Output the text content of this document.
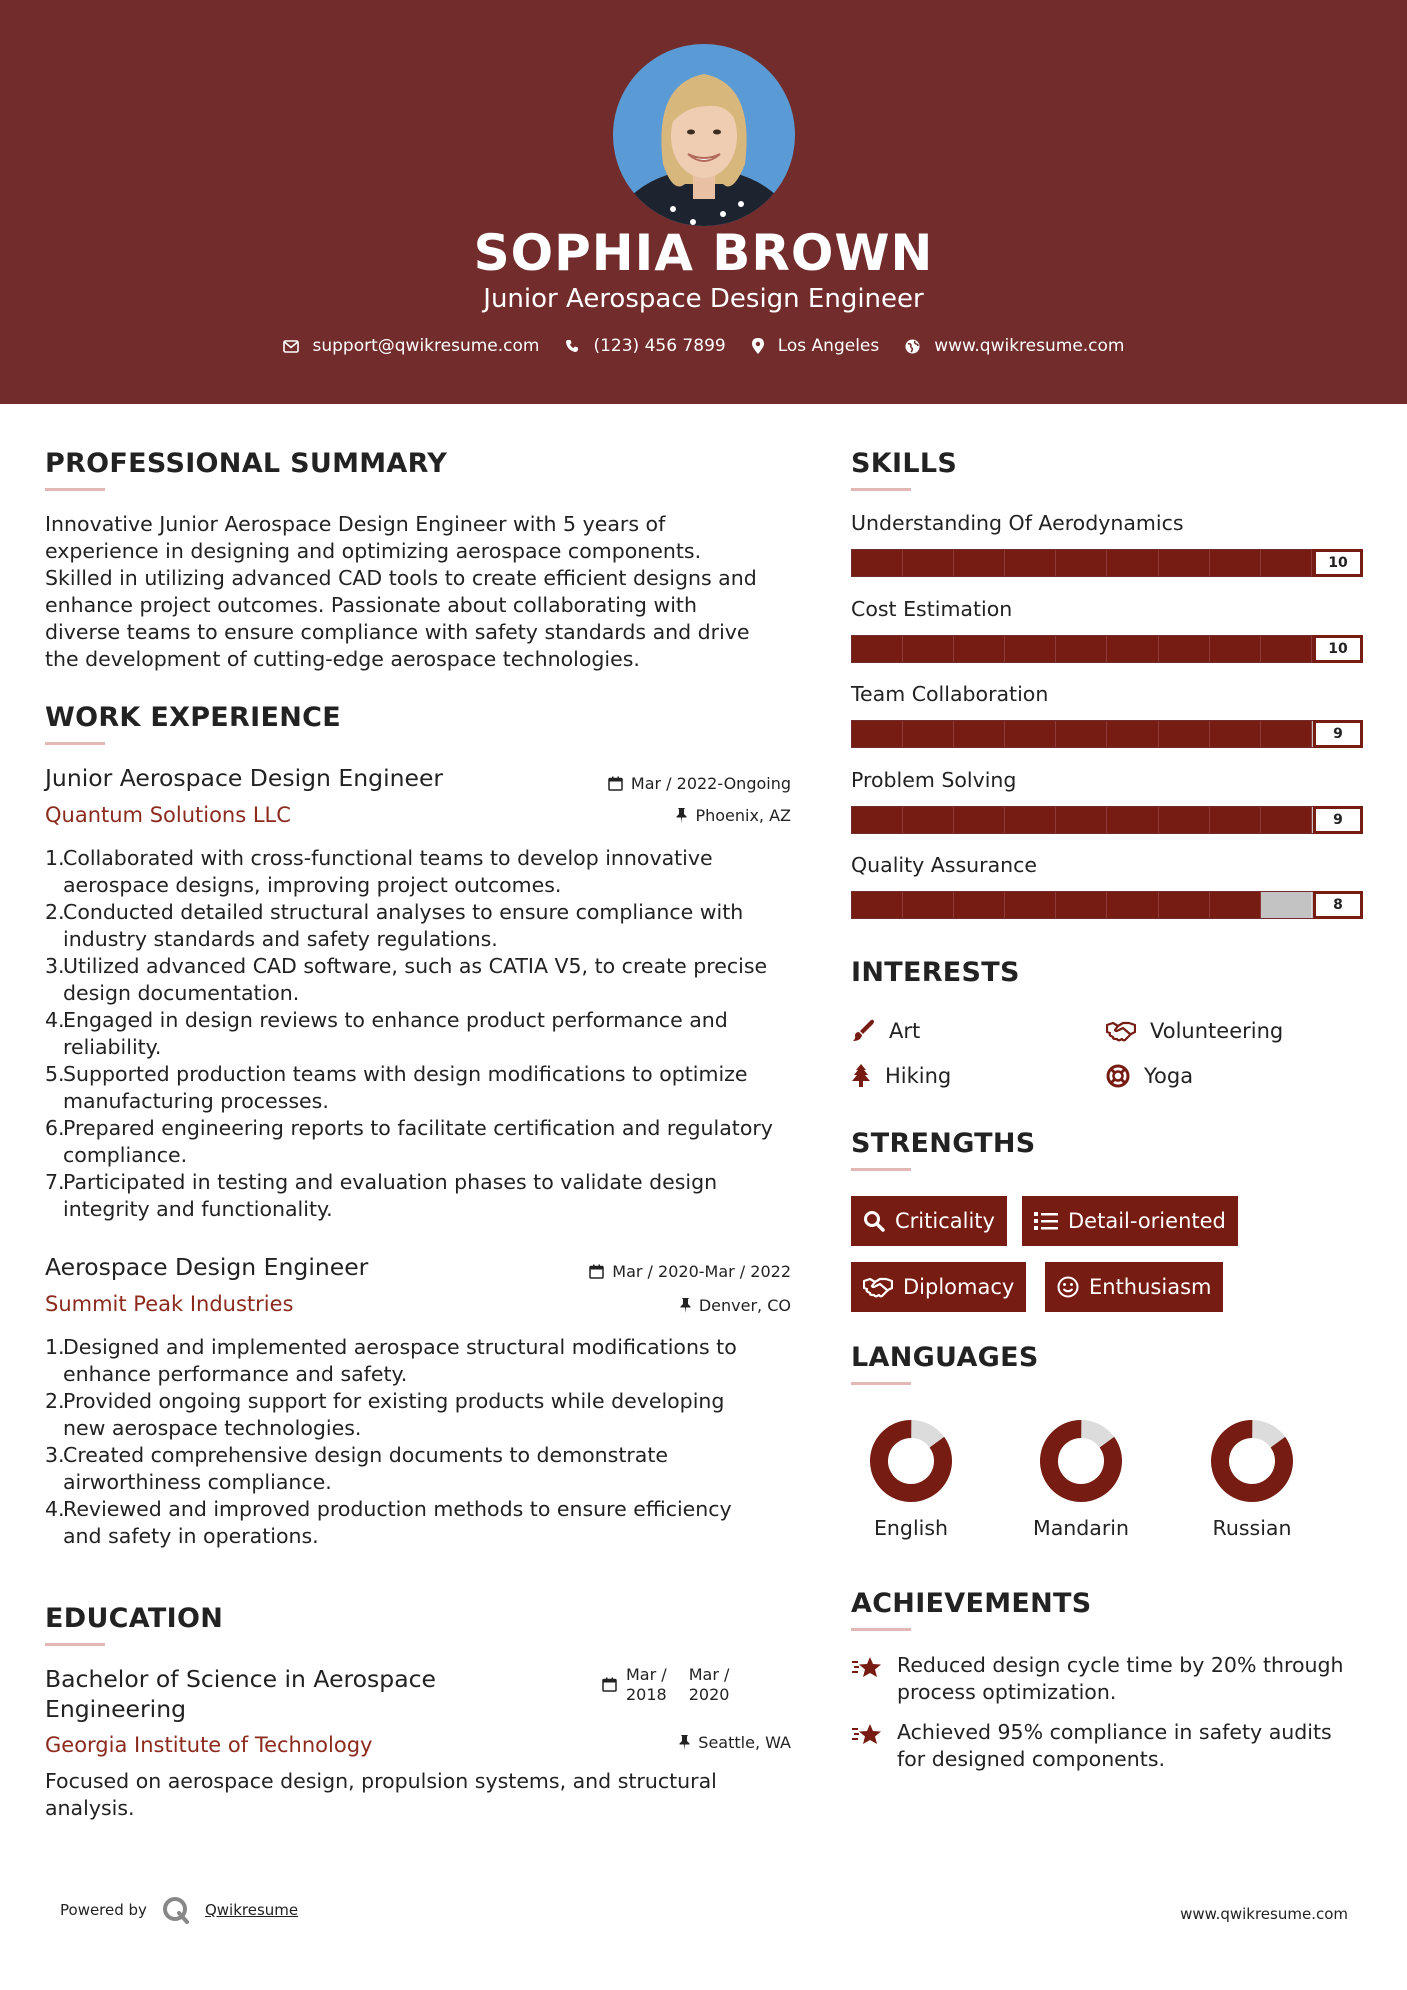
SOPHIA BROWN
Junior Aerospace Design Engineer
support@qwikresume.com	(123) 456 7899	Los Angeles	www.qwikresume.com
PROFESSIONAL SUMMARY
Innovative Junior Aerospace Design Engineer with 5 years of
experience in designing and optimizing aerospace components.
Skilled in utilizing advanced CAD tools to create efficient designs and
enhance project outcomes. Passionate about collaborating with
diverse teams to ensure compliance with safety standards and drive
the development of cutting-edge aerospace technologies.
WORK EXPERIENCE
Junior Aerospace Design Engineer	Mar / 2022-Ongoing
Quantum Solutions LLC	Phoenix, AZ
1.
Collaborated with cross-functional teams to develop innovative
aerospace designs, improving project outcomes.
2.
Conducted detailed structural analyses to ensure compliance with
industry standards and safety regulations.
3.
Utilized advanced CAD software, such as CATIA V5, to create precise
design documentation.
4.
Engaged in design reviews to enhance product performance and
reliability.
5.
Supported production teams with design modifications to optimize
manufacturing processes.
6.
Prepared engineering reports to facilitate certification and regulatory
compliance.
7.
Participated in testing and evaluation phases to validate design
integrity and functionality.
Aerospace Design Engineer	Mar / 2020-Mar / 2022
Summit Peak Industries	Denver, CO
1.
Designed and implemented aerospace structural modifications to
enhance performance and safety.
2.
Provided ongoing support for existing products while developing
new aerospace technologies.
3.
Created comprehensive design documents to demonstrate
airworthiness compliance.
4.
Reviewed and improved production methods to ensure efficiency
and safety in operations.
EDUCATION
Bachelor of Science in Aerospace
Engineering
Mar /
2018
Mar /
2020
Georgia Institute of Technology	Seattle, WA
Focused on aerospace design, propulsion systems, and structural
analysis.
SKILLS
Understanding Of Aerodynamics
10
Cost Estimation
10
Team Collaboration
9
Problem Solving
9
Quality Assurance
8
INTERESTS
Art	Volunteering
Hiking	Yoga
STRENGTHS
Criticality	Detail-oriented
Diplomacy	Enthusiasm
LANGUAGES
English	Mandarin	Russian
ACHIEVEMENTS
Reduced design cycle time by 20% through
process optimization.
Achieved 95% compliance in safety audits
for designed components.
Powered by	Qwikresume	www.qwikresume.com
